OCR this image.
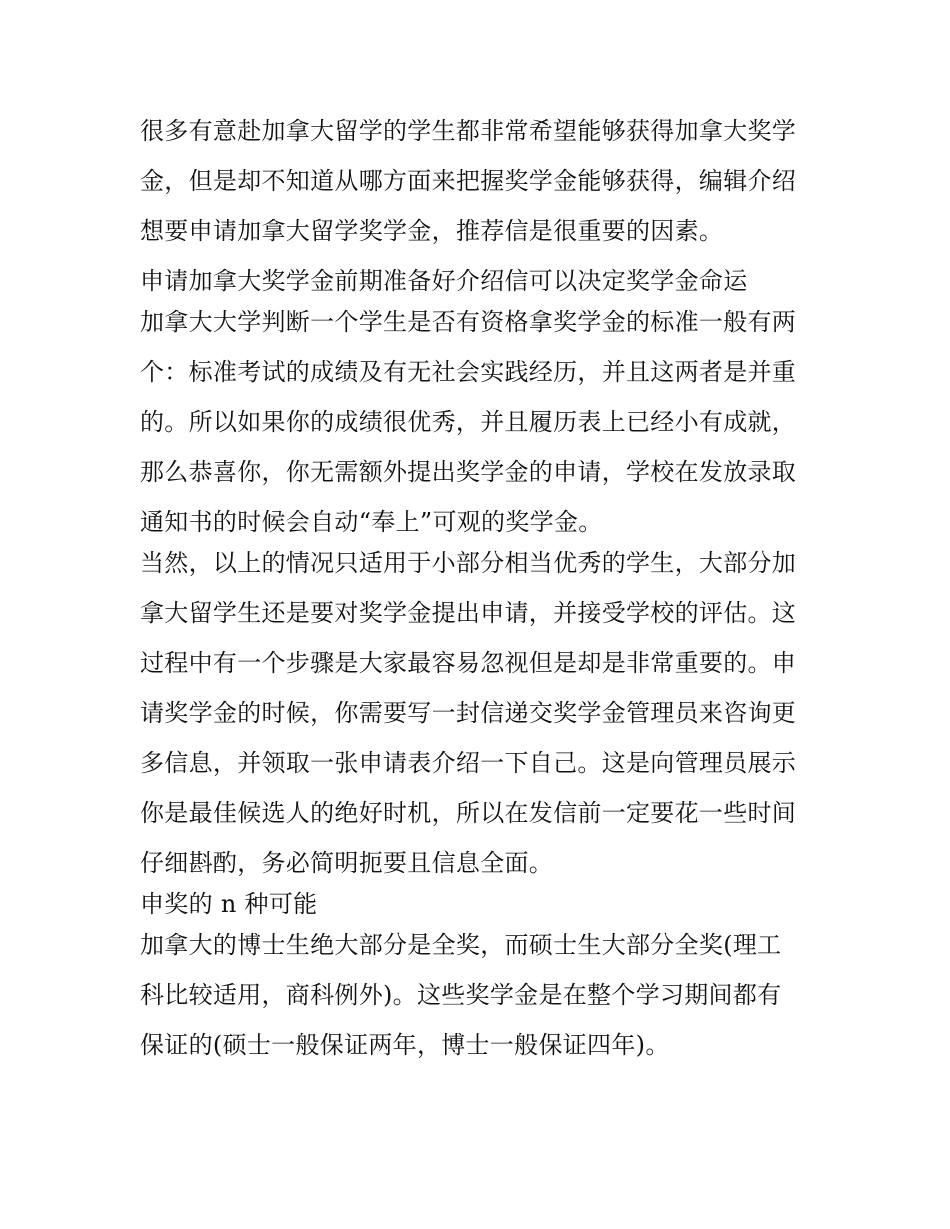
很多有意赴加拿大留学的学生都非常希望能够获得加拿大奖学
金，但是却不知道从哪方面来把握奖学金能够获得，编辑介绍
想要申请加拿大留学奖学金，推荐信是很重要的因素。
申请加拿大奖学金前期准备好介绍信可以决定奖学金命运
加拿大大学判断一个学生是否有资格拿奖学金的标准一般有两
个：标准考试的成绩及有无社会实践经历，并且这两者是并重
的。所以如果你的成绩很优秀，并且履历表上已经小有成就，
那么恭喜你，你无需额外提出奖学金的申请，学校在发放录取
通知书的时候会自动“奉上”可观的奖学金。
当然，以上的情况只适用于小部分相当优秀的学生，大部分加
拿大留学生还是要对奖学金提出申请，并接受学校的评估。这
过程中有一个步骤是大家最容易忽视但是却是非常重要的。申
请奖学金的时候，你需要写一封信递交奖学金管理员来咨询更
多信息，并领取一张申请表介绍一下自己。这是向管理员展示
你是最佳候选人的绝好时机，所以在发信前一定要花一些时间
仔细斟酌，务必简明扼要且信息全面。
申奖的 n 种可能
加拿大的博士生绝大部分是全奖，而硕士生大部分全奖(理工
科比较适用，商科例外)。这些奖学金是在整个学习期间都有
保证的(硕士一般保证两年，博士一般保证四年)。
